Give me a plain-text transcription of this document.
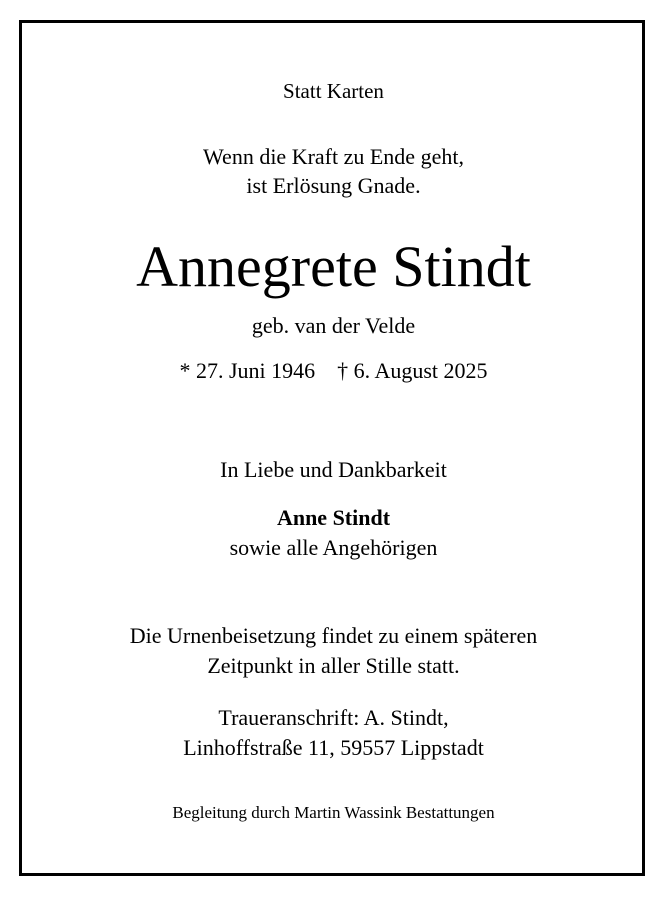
Statt Karten
Wenn die Kraft zu Ende geht,
ist Erlösung Gnade.
Annegrete Stindt
geb. van der Velde
* 27. Juni 1946 † 6. August 2025
In Liebe und Dankbarkeit
Anne Stindt
sowie alle Angehörigen
Die Urnenbeisetzung findet zu einem späteren
Zeitpunkt in aller Stille statt.
Traueranschrift: A. Stindt,
Linhoffstraße 11, 59557 Lippstadt
Begleitung durch Martin Wassink Bestattungen
